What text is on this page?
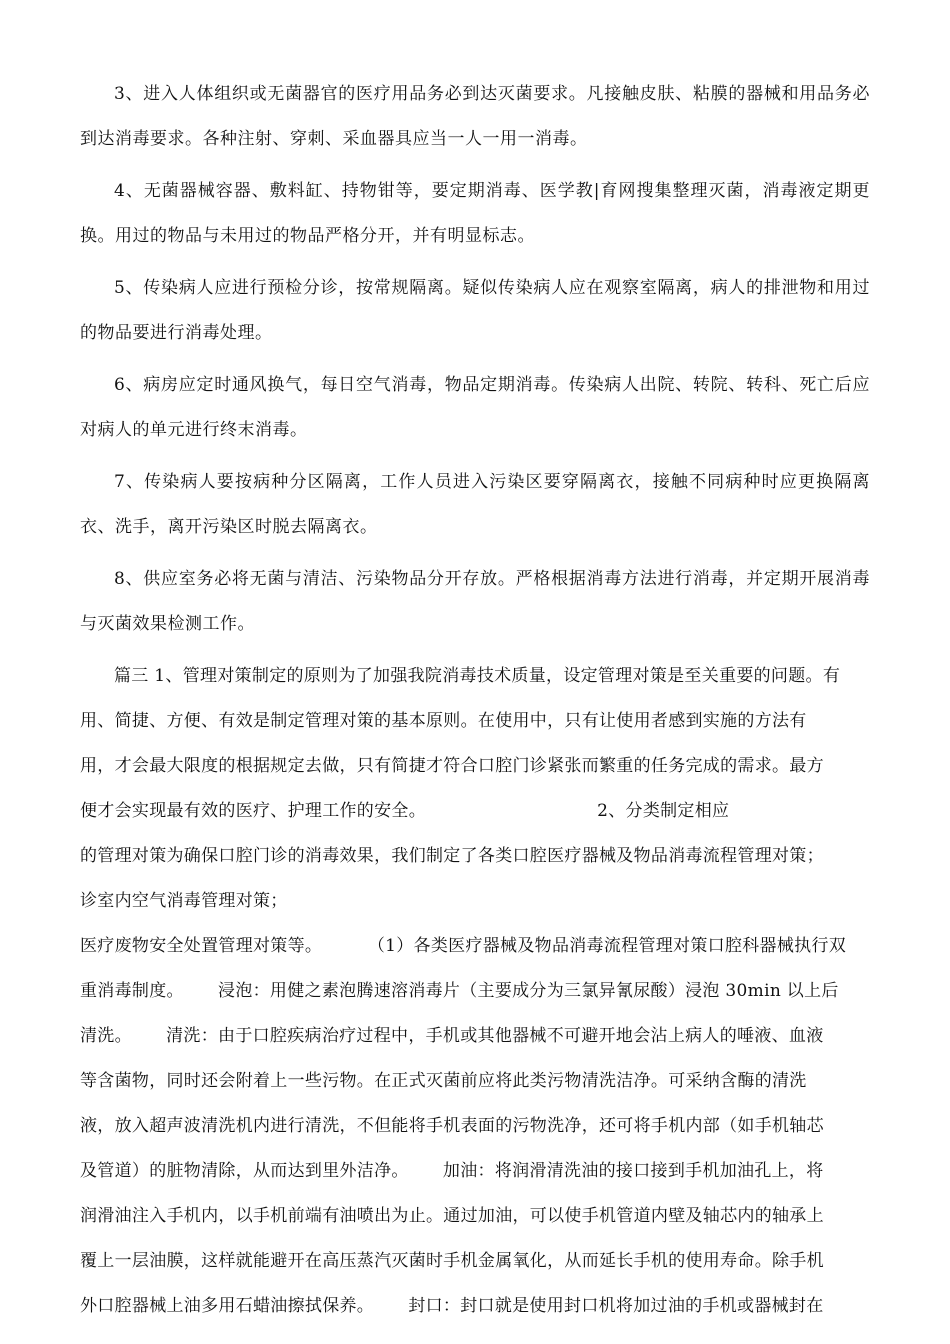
3、进入人体组织或无菌器官的医疗用品务必到达灭菌要求。凡接触皮肤、粘膜的器械和用品务必到达消毒要求。各种注射、穿刺、采血器具应当一人一用一消毒。

4、无菌器械容器、敷料缸、持物钳等，要定期消毒、医学教|育网搜集整理灭菌，消毒液定期更换。用过的物品与未用过的物品严格分开，并有明显标志。

5、传染病人应进行预检分诊，按常规隔离。疑似传染病人应在观察室隔离，病人的排泄物和用过的物品要进行消毒处理。

6、病房应定时通风换气，每日空气消毒，物品定期消毒。传染病人出院、转院、转科、死亡后应对病人的单元进行终末消毒。

7、传染病人要按病种分区隔离，工作人员进入污染区要穿隔离衣，接触不同病种时应更换隔离衣、洗手，离开污染区时脱去隔离衣。

8、供应室务必将无菌与清洁、污染物品分开存放。严格根据消毒方法进行消毒，并定期开展消毒与灭菌效果检测工作。

篇三 1、管理对策制定的原则为了加强我院消毒技术质量，设定管理对策是至关重要的问题。有
用、简捷、方便、有效是制定管理对策的基本原则。在使用中，只有让使用者感到实施的方法有
用，才会最大限度的根据规定去做，只有简捷才符合口腔门诊紧张而繁重的任务完成的需求。最方
便才会实现最有效的医疗、护理工作的安全。                              2、分类制定相应
的管理对策为确保口腔门诊的消毒效果，我们制定了各类口腔医疗器械及物品消毒流程管理对策；
诊室内空气消毒管理对策；
医疗废物安全处置管理对策等。        （1）各类医疗器械及物品消毒流程管理对策口腔科器械执行双
重消毒制度。      浸泡：用健之素泡腾速溶消毒片（主要成分为三氯异氰尿酸）浸泡 30min 以上后
清洗。      清洗：由于口腔疾病治疗过程中，手机或其他器械不可避开地会沾上病人的唾液、血液
等含菌物，同时还会附着上一些污物。在正式灭菌前应将此类污物清洗洁净。可采纳含酶的清洗
液，放入超声波清洗机内进行清洗，不但能将手机表面的污物洗净，还可将手机内部（如手机轴芯
及管道）的脏物清除，从而达到里外洁净。      加油：将润滑清洗油的接口接到手机加油孔上，将
润滑油注入手机内，以手机前端有油喷出为止。通过加油，可以使手机管道内壁及轴芯内的轴承上
覆上一层油膜，这样就能避开在高压蒸汽灭菌时手机金属氧化，从而延长手机的使用寿命。除手机
外口腔器械上油多用石蜡油擦拭保养。      封口：封口就是使用封口机将加过油的手机或器械封在
